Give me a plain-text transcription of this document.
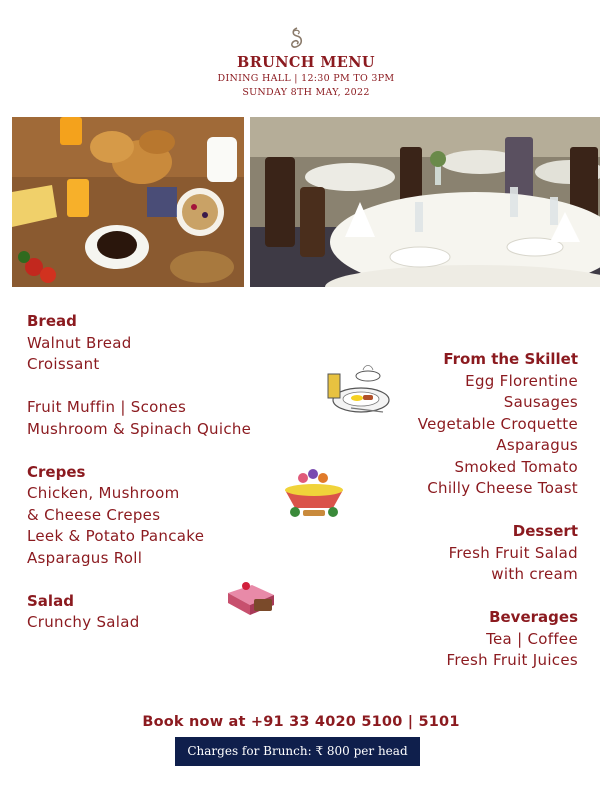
BRUNCH MENU
DINING HALL | 12:30 PM TO 3PM
SUNDAY 8TH MAY, 2022
Bread
Walnut Bread
Croissant
Fruit Muffin | Scones
Mushroom & Spinach Quiche
Crepes
Chicken, Mushroom
& Cheese Crepes
Leek & Potato Pancake
Asparagus Roll
Salad
Crunchy Salad
From the Skillet
Egg Florentine
Sausages
Vegetable Croquette
Asparagus
Smoked Tomato
Chilly Cheese Toast
Dessert
Fresh Fruit Salad
with cream
Beverages
Tea | Coffee
Fresh Fruit Juices
Book now at +91 33 4020 5100 | 5101
Charges for Brunch: ₹ 800 per head
